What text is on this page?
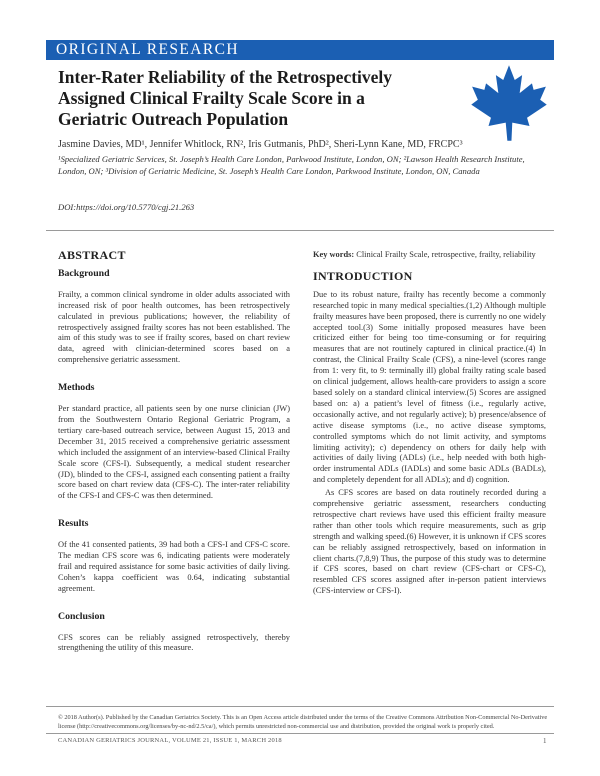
ORIGINAL RESEARCH
Inter-Rater Reliability of the Retrospectively Assigned Clinical Frailty Scale Score in a Geriatric Outreach Population
Jasmine Davies, MD¹, Jennifer Whitlock, RN², Iris Gutmanis, PhD², Sheri-Lynn Kane, MD, FRCPC³
¹Specialized Geriatric Services, St. Joseph’s Health Care London, Parkwood Institute, London, ON; ²Lawson Health Research Institute, London, ON; ³Division of Geriatric Medicine, St. Joseph’s Health Care London, Parkwood Institute, London, ON, Canada
DOI:https://doi.org/10.5770/cgj.21.263
ABSTRACT
Background

Frailty, a common clinical syndrome in older adults associated with increased risk of poor health outcomes, has been retrospectively calculated in previous publications; however, the reliability of retrospectively assigned frailty scores has not been established. The aim of this study was to see if frailty scores, based on chart review data, agreed with clinician-determined scores based on a comprehensive geriatric assessment.

Methods

Per standard practice, all patients seen by one nurse clinician (JW) from the Southwestern Ontario Regional Geriatric Program, a tertiary care-based outreach service, between August 15, 2013 and December 31, 2015 received a comprehensive geriatric assessment which included the assignment of an interview-based Clinical Frailty Scale score (CFS-I). Subsequently, a medical student researcher (JD), blinded to the CFS-I, assigned each consenting patient a frailty score based on chart review data (CFS-C). The inter-rater reliability of the CFS-I and CFS-C was then determined.

Results

Of the 41 consented patients, 39 had both a CFS-I and CFS-C score. The median CFS score was 6, indicating patients were moderately frail and required assistance for some basic activities of daily living. Cohen’s kappa coefficient was 0.64, indicating substantial agreement.

Conclusion

CFS scores can be reliably assigned retrospectively, thereby strengthening the utility of this measure.

Key words: Clinical Frailty Scale, retrospective, frailty, reliability

INTRODUCTION

Due to its robust nature, frailty has recently become a commonly researched topic in many medical specialties.(1,2) Although multiple frailty measures have been proposed, there is currently no one widely accepted tool.(3) Some initially proposed measures have been criticized either for being too time-consuming or for requiring measures that are not routinely captured in clinical practice.(4) In contrast, the Clinical Frailty Scale (CFS), a nine-level (scores range from 1: very fit, to 9: terminally ill) global frailty rating scale based on clinical judgement, allows health-care providers to assign a score based solely on a standard clinical interview.(5) Scores are assigned based on: a) a patient’s level of fitness (i.e., regularly active, occasionally active, and not regularly active); b) presence/absence of active disease symptoms (i.e., no active disease symptoms, controlled symptoms which do not limit activity, and symptoms limiting activity); c) dependency on others for daily help with activities of daily living (ADLs) (i.e., help needed with both high-order instrumental ADLs (IADLs) and some basic ADLs (BADLs), and completely dependent for all ADLs); and d) cognition.

As CFS scores are based on data routinely recorded during a comprehensive geriatric assessment, researchers conducting retrospective chart reviews have used this efficient frailty measure rather than other tools which require measurements, such as grip strength and walking speed.(6) However, it is unknown if CFS scores can be reliably assigned retrospectively, based on information in client charts.(7,8,9) Thus, the purpose of this study was to determine if CFS scores, based on chart review (CFS-chart or CFS-C), resembled CFS scores assigned after in-person patient interviews (CFS-interview or CFS-I).

© 2018 Author(s). Published by the Canadian Geriatrics Society. This is an Open Access article distributed under the terms of the Creative Commons Attribution Non-Commercial No-Derivative license (http://creativecommons.org/licenses/by-nc-nd/2.5/ca/), which permits unrestricted non-commercial use and distribution, provided the original work is properly cited.
CANADIAN GERIATRICS JOURNAL, VOLUME 21, ISSUE 1, MARCH 2018	1
